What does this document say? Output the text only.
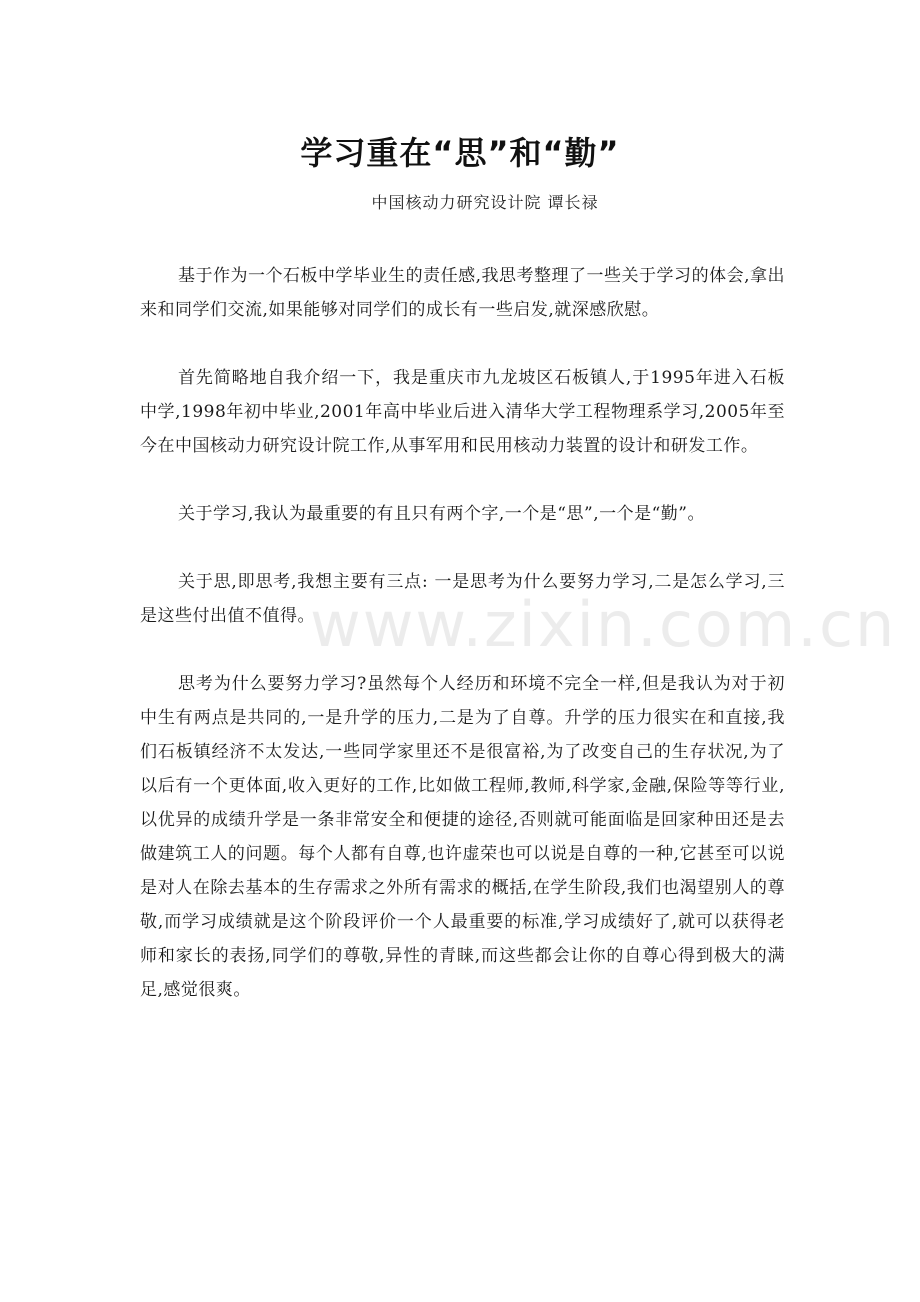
学习重在“思”和“勤”
中国核动力研究设计院 谭长禄

基于作为一个石板中学毕业生的责任感,我思考整理了一些关于学习的体会,拿出来和同学们交流,如果能够对同学们的成长有一些启发,就深感欣慰。

首先简略地自我介绍一下，我是重庆市九龙坡区石板镇人,于1995年进入石板中学,1998年初中毕业,2001年高中毕业后进入清华大学工程物理系学习,2005年至今在中国核动力研究设计院工作,从事军用和民用核动力装置的设计和研发工作。

关于学习,我认为最重要的有且只有两个字,一个是“思”,一个是“勤”。

关于思,即思考,我想主要有三点: 一是思考为什么要努力学习,二是怎么学习,三是这些付出值不值得。

思考为什么要努力学习?虽然每个人经历和环境不完全一样,但是我认为对于初中生有两点是共同的,一是升学的压力,二是为了自尊。升学的压力很实在和直接,我们石板镇经济不太发达,一些同学家里还不是很富裕,为了改变自己的生存状况,为了以后有一个更体面,收入更好的工作,比如做工程师,教师,科学家,金融,保险等等行业,以优异的成绩升学是一条非常安全和便捷的途径,否则就可能面临是回家种田还是去做建筑工人的问题。每个人都有自尊,也许虚荣也可以说是自尊的一种,它甚至可以说是对人在除去基本的生存需求之外所有需求的概括,在学生阶段,我们也渴望别人的尊敬,而学习成绩就是这个阶段评价一个人最重要的标准,学习成绩好了,就可以获得老师和家长的表扬,同学们的尊敬,异性的青睐,而这些都会让你的自尊心得到极大的满足,感觉很爽。

www.zixin.com.cn
